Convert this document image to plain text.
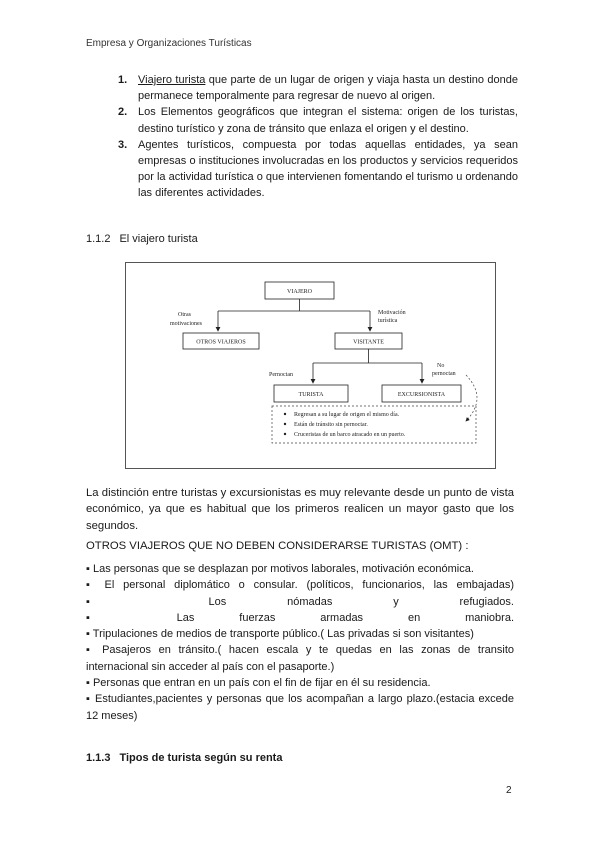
Empresa y Organizaciones Turísticas
1. Viajero turista que parte de un lugar de origen y viaja hasta un destino donde permanece temporalmente para regresar de nuevo al origen.
2. Los Elementos geográficos que integran el sistema: origen de los turistas, destino turístico y zona de tránsito que enlaza el origen y el destino.
3. Agentes turísticos, compuesta por todas aquellas entidades, ya sean empresas o instituciones involucradas en los productos y servicios requeridos por la actividad turística o que intervienen fomentando el turismo u ordenando las diferentes actividades.
1.1.2 El viajero turista
VIAJERO
Otras
motivaciones
Motivación
turística
OTROS VIAJEROS	VISITANTE
Pernoctan
No
pernoctan
TURISTA	EXCURSIONISTA
Regresan a su lugar de origen el mismo día.
Están de tránsito sin pernoctar.
Cruceristas de un barco atracado en un puerto.
La distinción entre turistas y excursionistas es muy relevante desde un punto de vista económico, ya que es habitual que los primeros realicen un mayor gasto que los segundos.
OTROS VIAJEROS QUE NO DEBEN CONSIDERARSE TURISTAS (OMT) :
▪ Las personas que se desplazan por motivos laborales, motivación económica.
▪ El personal diplomático o consular. (políticos, funcionarios, las embajadas)
▪	Los nómadas y refugiados.
▪	Las fuerzas armadas en maniobra.
▪ Tripulaciones de medios de transporte público.( Las privadas si son visitantes)
▪ Pasajeros en tránsito.( hacen escala y te quedas en las zonas de transito internacional sin acceder al país con el pasaporte.)
▪ Personas que entran en un país con el fin de fijar en él su residencia.
▪ Estudiantes,pacientes y personas que los acompañan a largo plazo.(estacia excede 12 meses)
1.1.3 Tipos de turista según su renta
2
